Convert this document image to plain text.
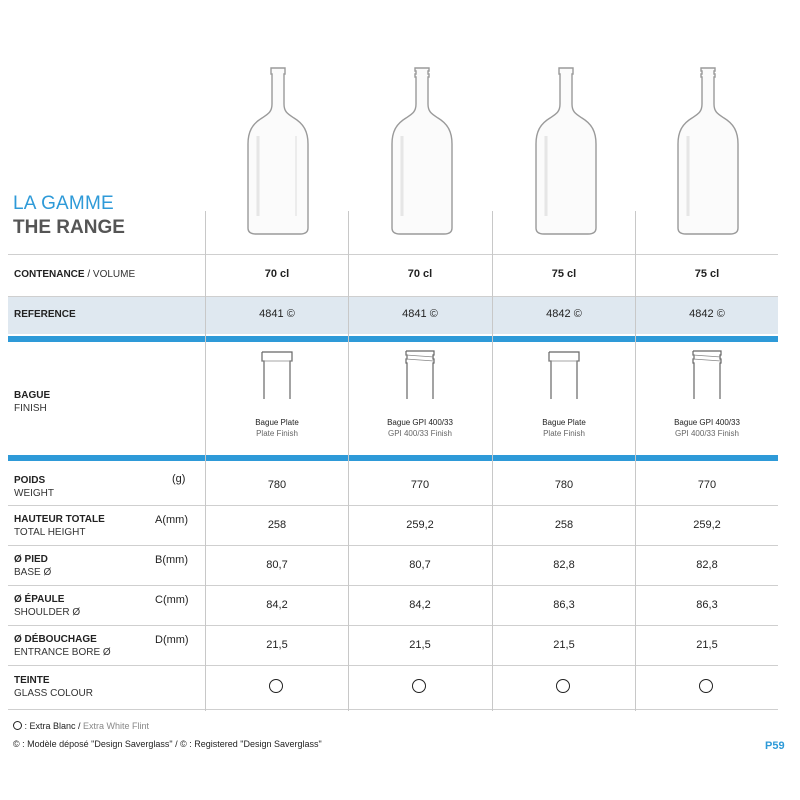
LA GAMME
THE RANGE
CONTENANCE / VOLUME
REFERENCE
BAGUE
FINISH
POIDS
WEIGHT
(g)
HAUTEUR TOTALE
TOTAL HEIGHT
A(mm)
Ø PIED
BASE Ø
B(mm)
Ø ÉPAULE
SHOULDER Ø
C(mm)
Ø DÉBOUCHAGE
ENTRANCE BORE Ø
D(mm)
TEINTE
GLASS COLOUR
70 cl
4841 ©
Bague Plate
Plate Finish
780
258
80,7
84,2
21,5
70 cl
4841 ©
Bague GPI 400/33
GPI 400/33 Finish
770
259,2
80,7
84,2
21,5
75 cl
4842 ©
Bague Plate
Plate Finish
780
258
82,8
86,3
21,5
75 cl
4842 ©
Bague GPI 400/33
GPI 400/33 Finish
770
259,2
82,8
86,3
21,5
: Extra Blanc / Extra White Flint
© : Modèle déposé "Design Saverglass" / © : Registered "Design Saverglass"	P59
